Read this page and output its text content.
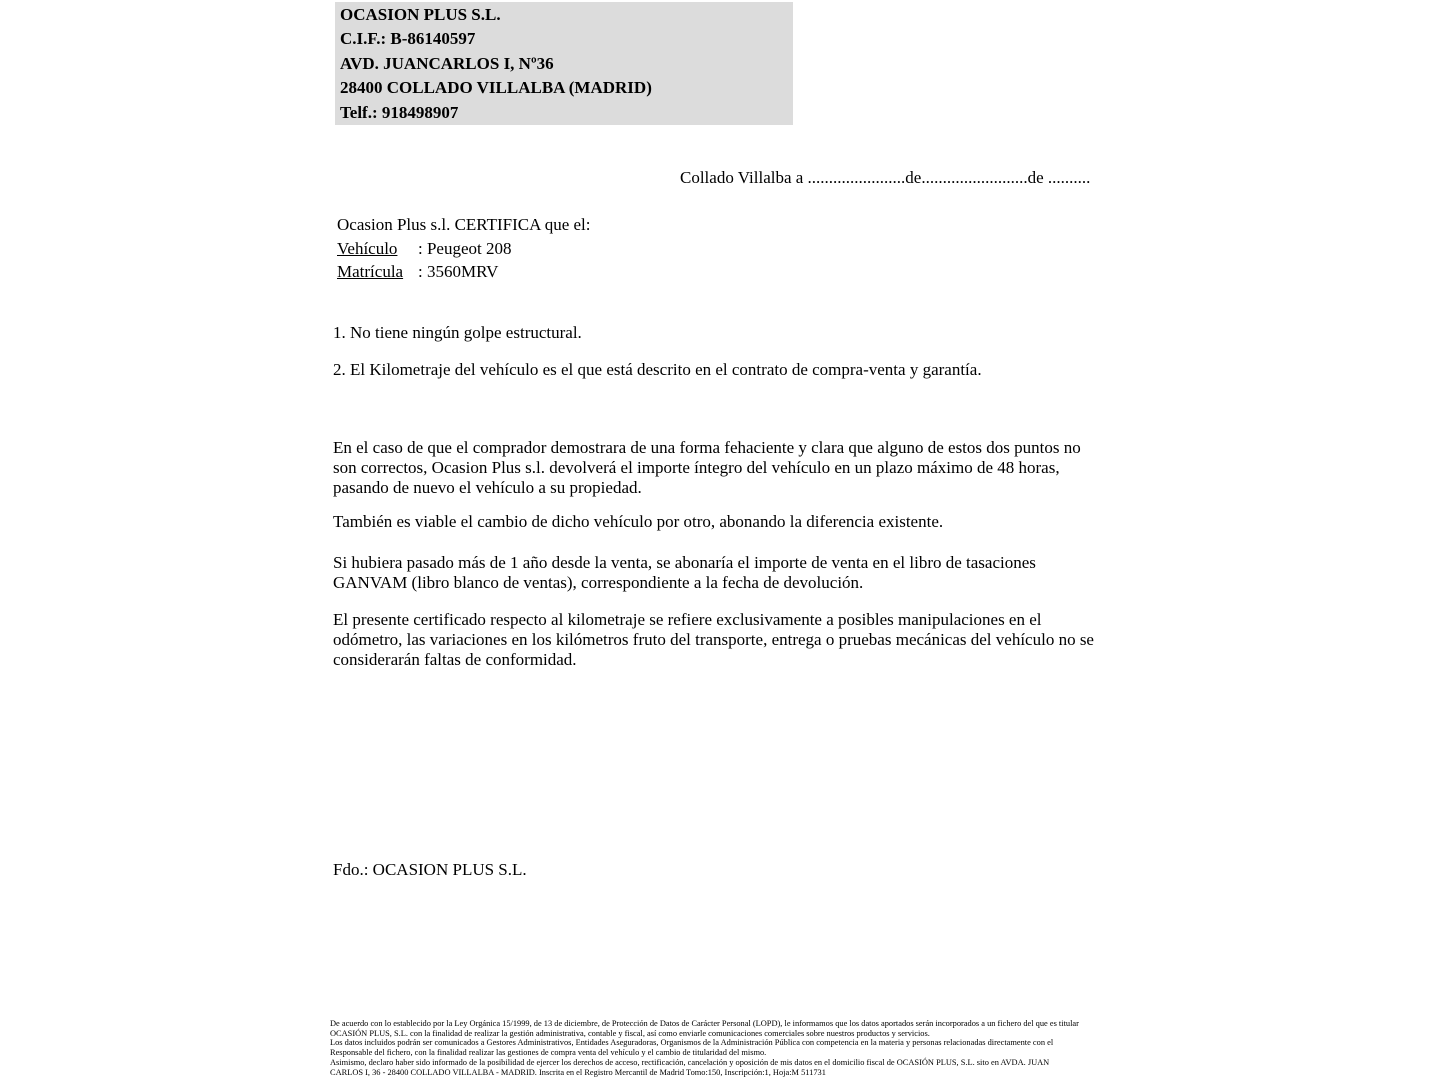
OCASION PLUS S.L.
C.I.F.: B-86140597
AVD. JUANCARLOS I, Nº36
28400 COLLADO VILLALBA (MADRID)
Telf.: 918498907
Collado Villalba a .......................de.........................de ..........
Ocasion Plus s.l. CERTIFICA que el:
Vehículo : Peugeot 208
Matrícula : 3560MRV
1. No tiene ningún golpe estructural.
2. El Kilometraje del vehículo es el que está descrito en el contrato de compra-venta y garantía.

En el caso de que el comprador demostrara de una forma fehaciente y clara que alguno de estos dos puntos no son correctos, Ocasion Plus s.l. devolverá el importe íntegro del vehículo en un plazo máximo de 48 horas, pasando de nuevo el vehículo a su propiedad.

También es viable el cambio de dicho vehículo por otro, abonando la diferencia existente.

Si hubiera pasado más de 1 año desde la venta, se abonaría el importe de venta en el libro de tasaciones GANVAM (libro blanco de ventas), correspondiente a la fecha de devolución.

El presente certificado respecto al kilometraje se refiere exclusivamente a posibles manipulaciones en el odómetro, las variaciones en los kilómetros fruto del transporte, entrega o pruebas mecánicas del vehículo no se considerarán faltas de conformidad.

Fdo.: OCASION PLUS S.L.
De acuerdo con lo establecido por la Ley Orgánica 15/1999, de 13 de diciembre, de Protección de Datos de Carácter Personal (LOPD), le informamos que los datos aportados serán incorporados a un fichero del que es titular
OCASIÓN PLUS, S.L. con la finalidad de realizar la gestión administrativa, contable y fiscal, así como enviarle comunicaciones comerciales sobre nuestros productos y servicios.
Los datos incluidos podrán ser comunicados a Gestores Administrativos, Entidades Aseguradoras, Organismos de la Administración Pública con competencia en la materia y personas relacionadas directamente con el
Responsable del fichero, con la finalidad realizar las gestiones de compra venta del vehículo y el cambio de titularidad del mismo.
Asimismo, declaro haber sido informado de la posibilidad de ejercer los derechos de acceso, rectificación, cancelación y oposición de mis datos en el domicilio fiscal de OCASIÓN PLUS, S.L. sito en AVDA. JUAN
CARLOS I, 36 - 28400 COLLADO VILLALBA - MADRID. Inscrita en el Registro Mercantil de Madrid Tomo:150, Inscripción:1, Hoja:M 511731
